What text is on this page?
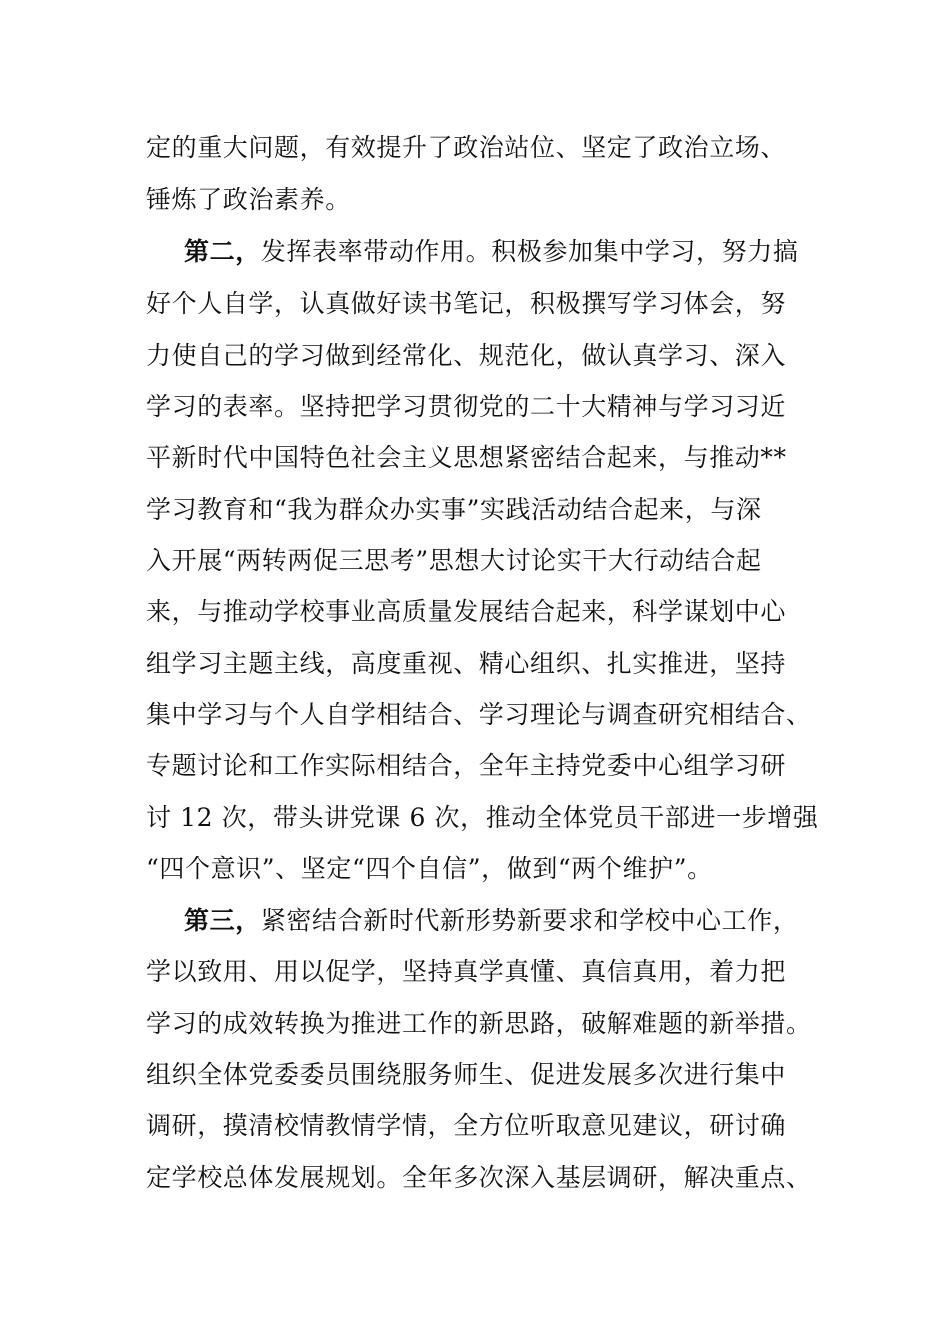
定的重大问题，有效提升了政治站位、坚定了政治立场、
锤炼了政治素养。
第二，发挥表率带动作用。积极参加集中学习，努力搞
好个人自学，认真做好读书笔记，积极撰写学习体会，努
力使自己的学习做到经常化、规范化，做认真学习、深入
学习的表率。坚持把学习贯彻党的二十大精神与学习习近
平新时代中国特色社会主义思想紧密结合起来，与推动**
学习教育和“我为群众办实事”实践活动结合起来，与深
入开展“两转两促三思考”思想大讨论实干大行动结合起
来，与推动学校事业高质量发展结合起来，科学谋划中心
组学习主题主线，高度重视、精心组织、扎实推进，坚持
集中学习与个人自学相结合、学习理论与调查研究相结合、
专题讨论和工作实际相结合，全年主持党委中心组学习研
讨 12 次，带头讲党课 6 次，推动全体党员干部进一步增强
“四个意识”、坚定“四个自信”，做到“两个维护”。
第三，紧密结合新时代新形势新要求和学校中心工作，
学以致用、用以促学，坚持真学真懂、真信真用，着力把
学习的成效转换为推进工作的新思路，破解难题的新举措。
组织全体党委委员围绕服务师生、促进发展多次进行集中
调研，摸清校情教情学情，全方位听取意见建议，研讨确
定学校总体发展规划。全年多次深入基层调研，解决重点、
